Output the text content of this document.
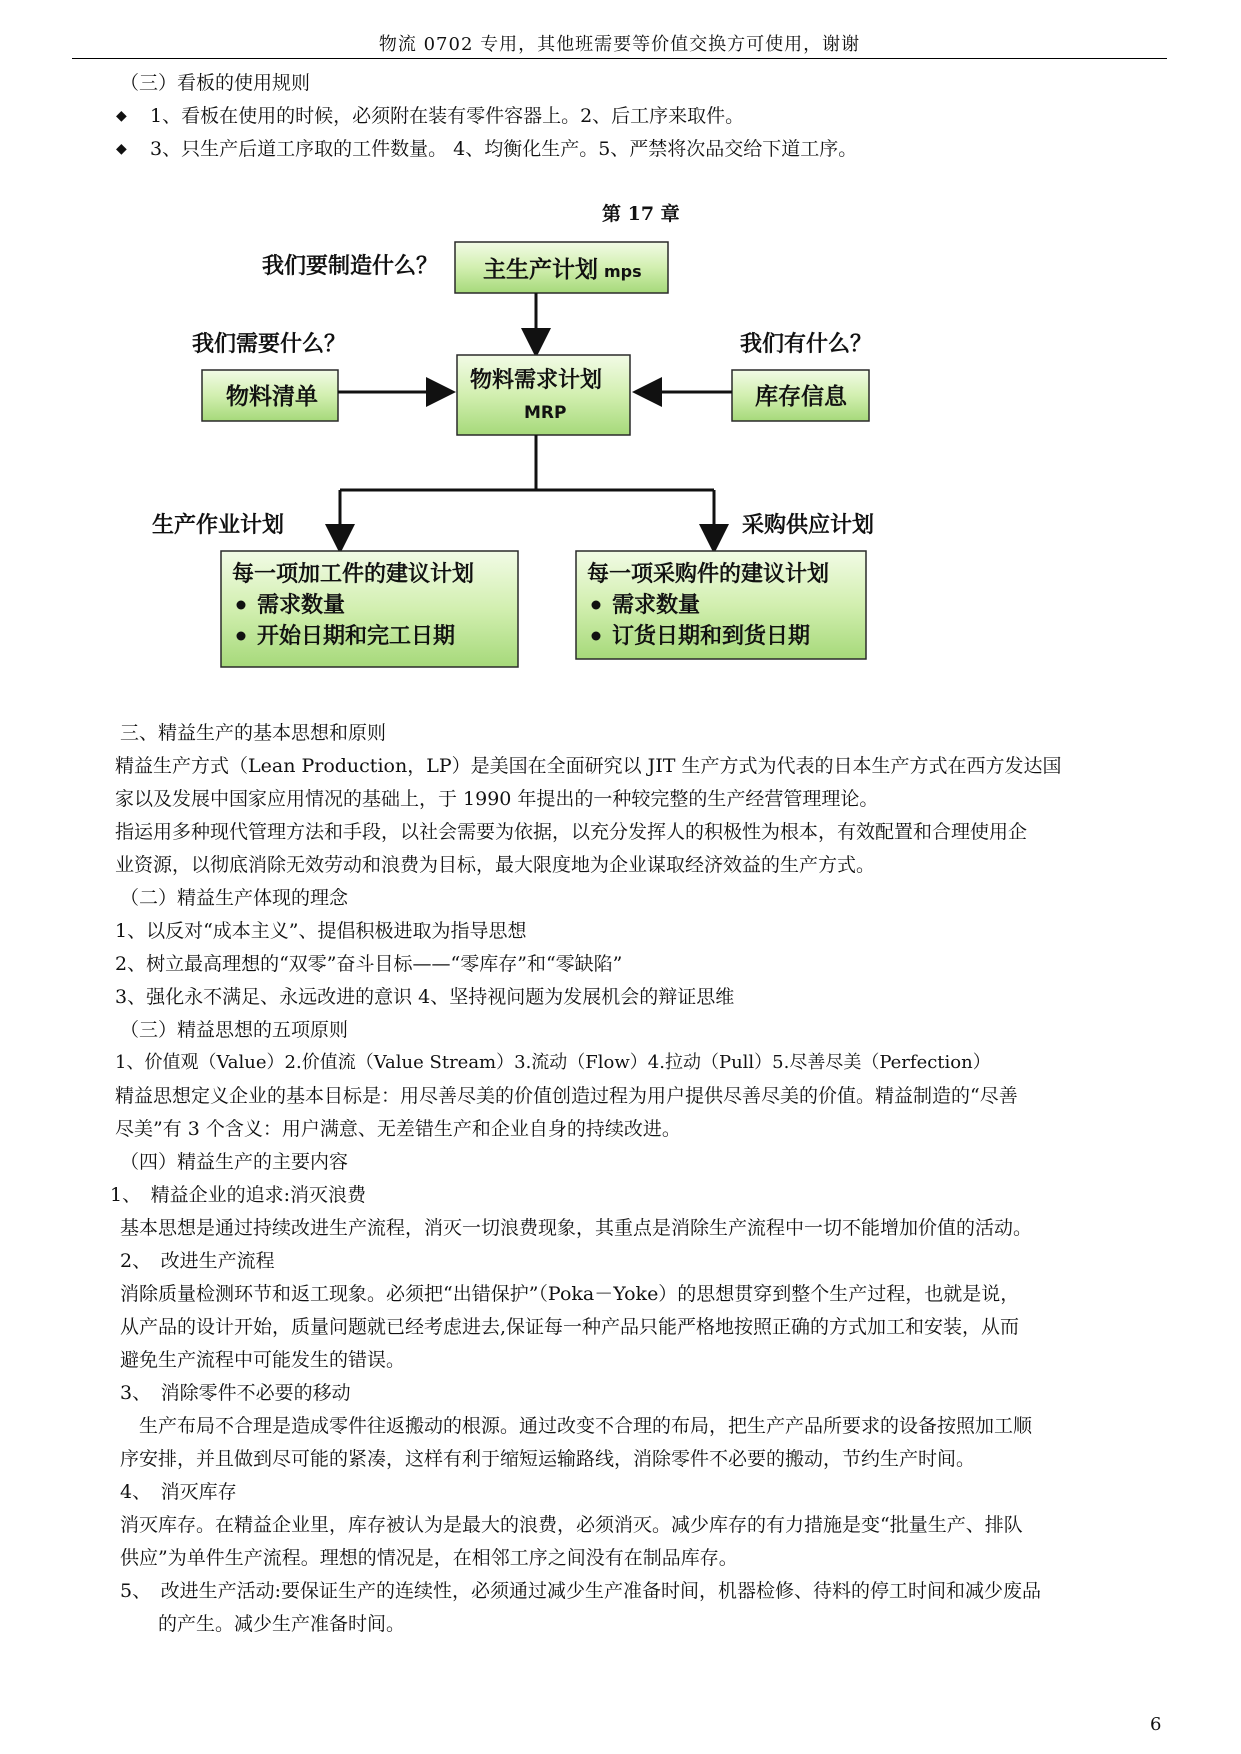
物流 0702 专用，其他班需要等价值交换方可使用，谢谢
（三）看板的使用规则
◆ 1、看板在使用的时候，必须附在装有零件容器上。2、后工序来取件。
◆ 3、只生产后道工序取的工件数量。 4、均衡化生产。5、严禁将次品交给下道工序。
第 17 章
我们要制造什么？ 主生产计划 mps
我们需要什么？
物料清单
物料需求计划
MRP
我们有什么？
库存信息
生产作业计划	采购供应计划
每一项加工件的建议计划
需求数量
开始日期和完工日期
每一项采购件的建议计划
需求数量
订货日期和到货日期
三、精益生产的基本思想和原则
精益生产方式（Lean Production，LP）是美国在全面研究以 JIT 生产方式为代表的日本生产方式在西方发达国
家以及发展中国家应用情况的基础上，于 1990 年提出的一种较完整的生产经营管理理论。
指运用多种现代管理方法和手段，以社会需要为依据，以充分发挥人的积极性为根本，有效配置和合理使用企
业资源，以彻底消除无效劳动和浪费为目标，最大限度地为企业谋取经济效益的生产方式。
（二）精益生产体现的理念
1、以反对“成本主义”、提倡积极进取为指导思想
2、树立最高理想的“双零”奋斗目标——“零库存”和“零缺陷”
3、强化永不满足、永远改进的意识 4、坚持视问题为发展机会的辩证思维
（三）精益思想的五项原则
1、价值观（Value）2.价值流（Value Stream）3.流动（Flow）4.拉动（Pull）5.尽善尽美（Perfection）
精益思想定义企业的基本目标是：用尽善尽美的价值创造过程为用户提供尽善尽美的价值。精益制造的“尽善
尽美”有 3 个含义：用户满意、无差错生产和企业自身的持续改进。
（四）精益生产的主要内容
1、　精益企业的追求:消灭浪费
基本思想是通过持续改进生产流程，消灭一切浪费现象，其重点是消除生产流程中一切不能增加价值的活动。
2、　改进生产流程
消除质量检测环节和返工现象。必须把“出错保护”（Poka－Yoke）的思想贯穿到整个生产过程，也就是说，
从产品的设计开始，质量问题就已经考虑进去,保证每一种产品只能严格地按照正确的方式加工和安装，从而
避免生产流程中可能发生的错误。
3、　消除零件不必要的移动
　生产布局不合理是造成零件往返搬动的根源。通过改变不合理的布局，把生产产品所要求的设备按照加工顺
序安排，并且做到尽可能的紧凑，这样有利于缩短运输路线，消除零件不必要的搬动，节约生产时间。
4、　消灭库存
消灭库存。在精益企业里，库存被认为是最大的浪费，必须消灭。减少库存的有力措施是变“批量生产、排队
供应”为单件生产流程。理想的情况是，在相邻工序之间没有在制品库存。
5、　改进生产活动:要保证生产的连续性，必须通过减少生产准备时间，机器检修、待料的停工时间和减少废品
　　的产生。减少生产准备时间。
6
